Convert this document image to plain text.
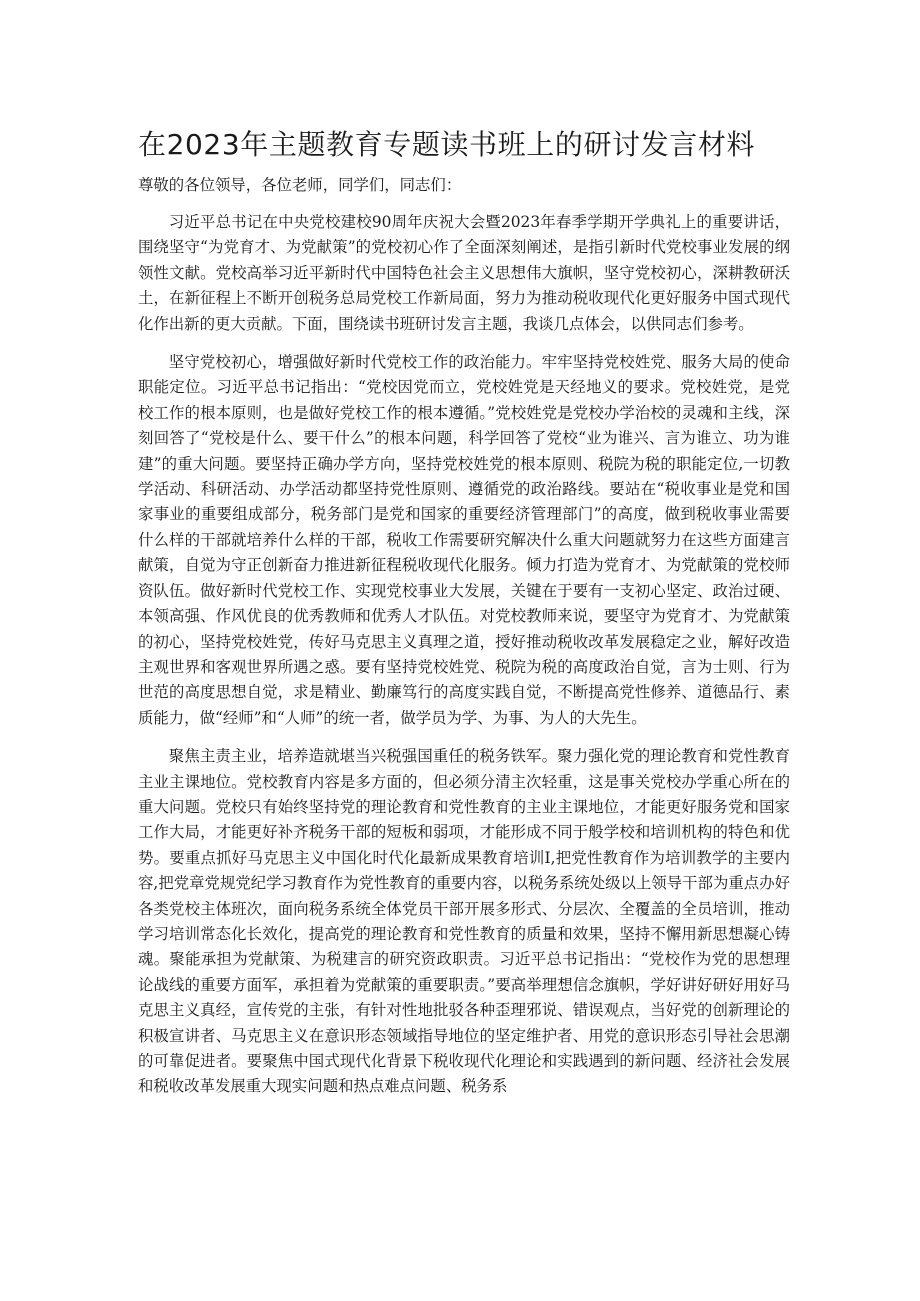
在2023年主题教育专题读书班上的研讨发言材料

尊敬的各位领导，各位老师，同学们，同志们：

习近平总书记在中央党校建校90周年庆祝大会暨2023年春季学期开学典礼上的重要讲话，围绕坚守“为党育才、为党献策”的党校初心作了全面深刻阐述，是指引新时代党校事业发展的纲领性文献。党校高举习近平新时代中国特色社会主义思想伟大旗帜，坚守党校初心，深耕教研沃土，在新征程上不断开创税务总局党校工作新局面，努力为推动税收现代化更好服务中国式现代化作出新的更大贡献。下面，围绕读书班研讨发言主题，我谈几点体会，以供同志们参考。

坚守党校初心，增强做好新时代党校工作的政治能力。牢牢坚持党校姓党、服务大局的使命职能定位。习近平总书记指出：“党校因党而立，党校姓党是天经地义的要求。党校姓党，是党校工作的根本原则，也是做好党校工作的根本遵循。”党校姓党是党校办学治校的灵魂和主线，深刻回答了“党校是什么、要干什么”的根本问题，科学回答了党校“业为谁兴、言为谁立、功为谁建”的重大问题。要坚持正确办学方向，坚持党校姓党的根本原则、税院为税的职能定位,一切教学活动、科研活动、办学活动都坚持党性原则、遵循党的政治路线。要站在“税收事业是党和国家事业的重要组成部分，税务部门是党和国家的重要经济管理部门”的高度，做到税收事业需要什么样的干部就培养什么样的干部，税收工作需要研究解决什么重大问题就努力在这些方面建言献策，自觉为守正创新奋力推进新征程税收现代化服务。倾力打造为党育才、为党献策的党校师资队伍。做好新时代党校工作、实现党校事业大发展，关键在于要有一支初心坚定、政治过硬、本领高强、作风优良的优秀教师和优秀人才队伍。对党校教师来说，要坚守为党育才、为党献策的初心，坚持党校姓党，传好马克思主义真理之道，授好推动税收改革发展稳定之业，解好改造主观世界和客观世界所遇之惑。要有坚持党校姓党、税院为税的高度政治自觉，言为士则、行为世范的高度思想自觉，求是精业、勤廉笃行的高度实践自觉，不断提高党性修养、道德品行、素质能力，做“经师”和“人师”的统一者，做学员为学、为事、为人的大先生。

聚焦主责主业，培养造就堪当兴税强国重任的税务铁军。聚力强化党的理论教育和党性教育主业主课地位。党校教育内容是多方面的，但必须分清主次轻重，这是事关党校办学重心所在的重大问题。党校只有始终坚持党的理论教育和党性教育的主业主课地位，才能更好服务党和国家工作大局，才能更好补齐税务干部的短板和弱项，才能形成不同于般学校和培训机构的特色和优势。要重点抓好马克思主义中国化时代化最新成果教育培训I,把党性教育作为培训教学的主要内容,把党章党规党纪学习教育作为党性教育的重要内容，以税务系统处级以上领导干部为重点办好各类党校主体班次，面向税务系统全体党员干部开展多形式、分层次、全覆盖的全员培训，推动学习培训常态化长效化，提高党的理论教育和党性教育的质量和效果，坚持不懈用新思想凝心铸魂。聚能承担为党献策、为税建言的研究资政职责。习近平总书记指出：“党校作为党的思想理论战线的重要方面军，承担着为党献策的重要职责。”要高举理想信念旗帜，学好讲好研好用好马克思主义真经，宣传党的主张，有针对性地批驳各种歪理邪说、错误观点，当好党的创新理论的积极宣讲者、马克思主义在意识形态领域指导地位的坚定维护者、用党的意识形态引导社会思潮的可靠促进者。要聚焦中国式现代化背景下税收现代化理论和实践遇到的新问题、经济社会发展和税收改革发展重大现实问题和热点难点问题、税务系
